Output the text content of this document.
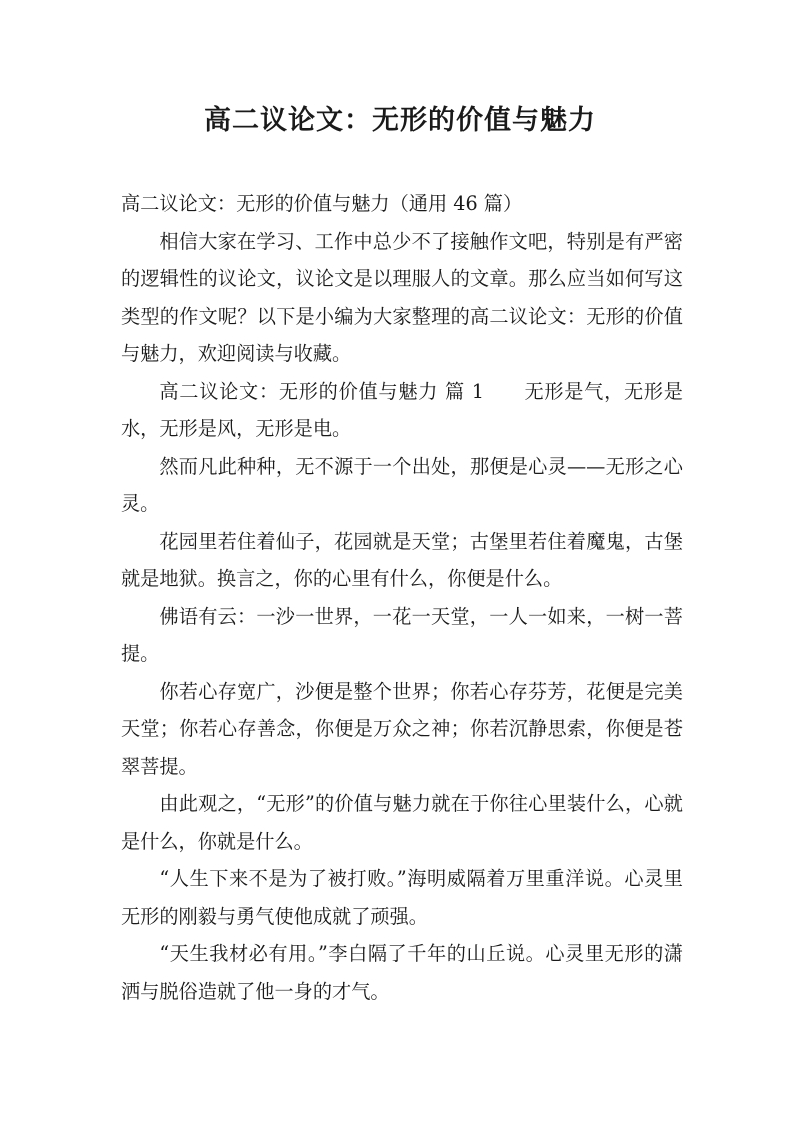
高二议论文：无形的价值与魅力

高二议论文：无形的价值与魅力（通用 46 篇）

相信大家在学习、工作中总少不了接触作文吧，特别是有严密的逻辑性的议论文，议论文是以理服人的文章。那么应当如何写这类型的作文呢？以下是小编为大家整理的高二议论文：无形的价值与魅力，欢迎阅读与收藏。

高二议论文：无形的价值与魅力 篇 1　　无形是气，无形是水，无形是风，无形是电。

然而凡此种种，无不源于一个出处，那便是心灵——无形之心灵。

花园里若住着仙子，花园就是天堂；古堡里若住着魔鬼，古堡就是地狱。换言之，你的心里有什么，你便是什么。

佛语有云：一沙一世界，一花一天堂，一人一如来，一树一菩提。

你若心存宽广，沙便是整个世界；你若心存芬芳，花便是完美天堂；你若心存善念，你便是万众之神；你若沉静思索，你便是苍翠菩提。

由此观之，“无形”的价值与魅力就在于你往心里装什么，心就是什么，你就是什么。

“人生下来不是为了被打败。”海明威隔着万里重洋说。心灵里无形的刚毅与勇气使他成就了顽强。

“天生我材必有用。”李白隔了千年的山丘说。心灵里无形的潇洒与脱俗造就了他一身的才气。
